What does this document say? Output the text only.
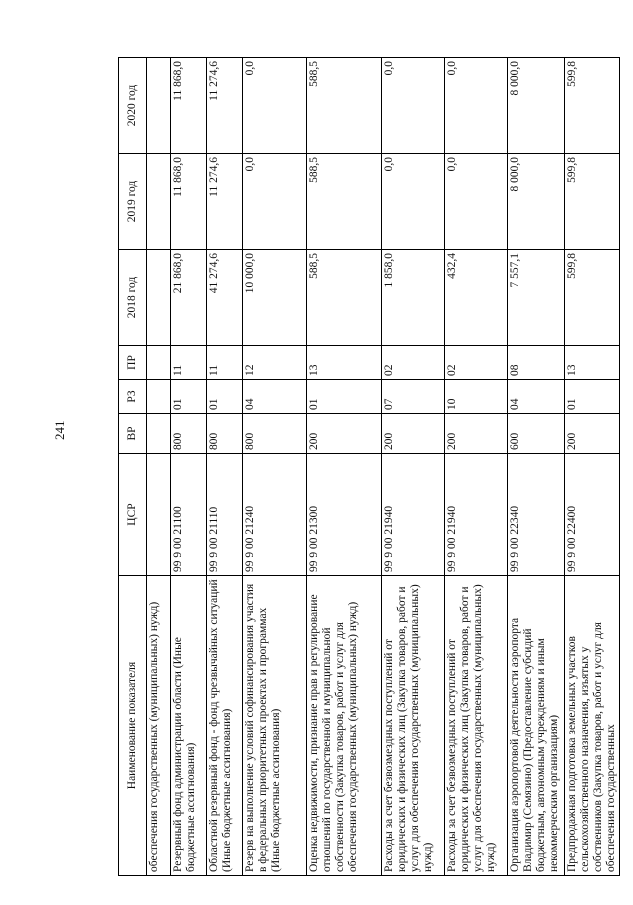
241
Наименование показателя	ЦСР	ВР	РЗ	ПР	2018 год	2019 год	2020 год
обеспечения государственных (муниципальных) нужд)							
Резервный фонд администрации области (Иные бюджетные ассигнования)	99 9 00 21100	800	01	11	21 868,0	11 868,0	11 868,0
Областной резервный фонд - фонд чрезвычайных ситуаций (Иные бюджетные ассигнования)	99 9 00 21110	800	01	11	41 274,6	11 274,6	11 274,6
Резерв на выполнение условий софинансирования участия в федеральных приоритетных проектах и программах (Иные бюджетные ассигнования)	99 9 00 21240	800	04	12	10 000,0	0,0	0,0
Оценка недвижимости, признание прав и регулирование отношений по государственной и муниципальной собственности (Закупка товаров, работ и услуг для обеспечения государственных (муниципальных) нужд)	99 9 00 21300	200	01	13	588,5	588,5	588,5
Расходы за счет безвозмездных поступлений от юридических и физических лиц (Закупка товаров, работ и услуг для обеспечения государственных (муниципальных) нужд)	99 9 00 21940	200	07	02	1 858,0	0,0	0,0
Расходы за счет безвозмездных поступлений от юридических и физических лиц (Закупка товаров, работ и услуг для обеспечения государственных (муниципальных) нужд)	99 9 00 21940	200	10	02	432,4	0,0	0,0
Организация аэропортовой деятельности аэропорта Владимир (Семязино) (Предоставление субсидий бюджетным, автономным учреждениям и иным некоммерческим организациям)	99 9 00 22340	600	04	08	7 557,1	8 000,0	8 000,0
Предпродажная подготовка земельных участков сельскохозяйственного назначения, изъятых у собственников (Закупка товаров, работ и услуг для обеспечения государственных	99 9 00 22400	200	01	13	599,8	599,8	599,8
